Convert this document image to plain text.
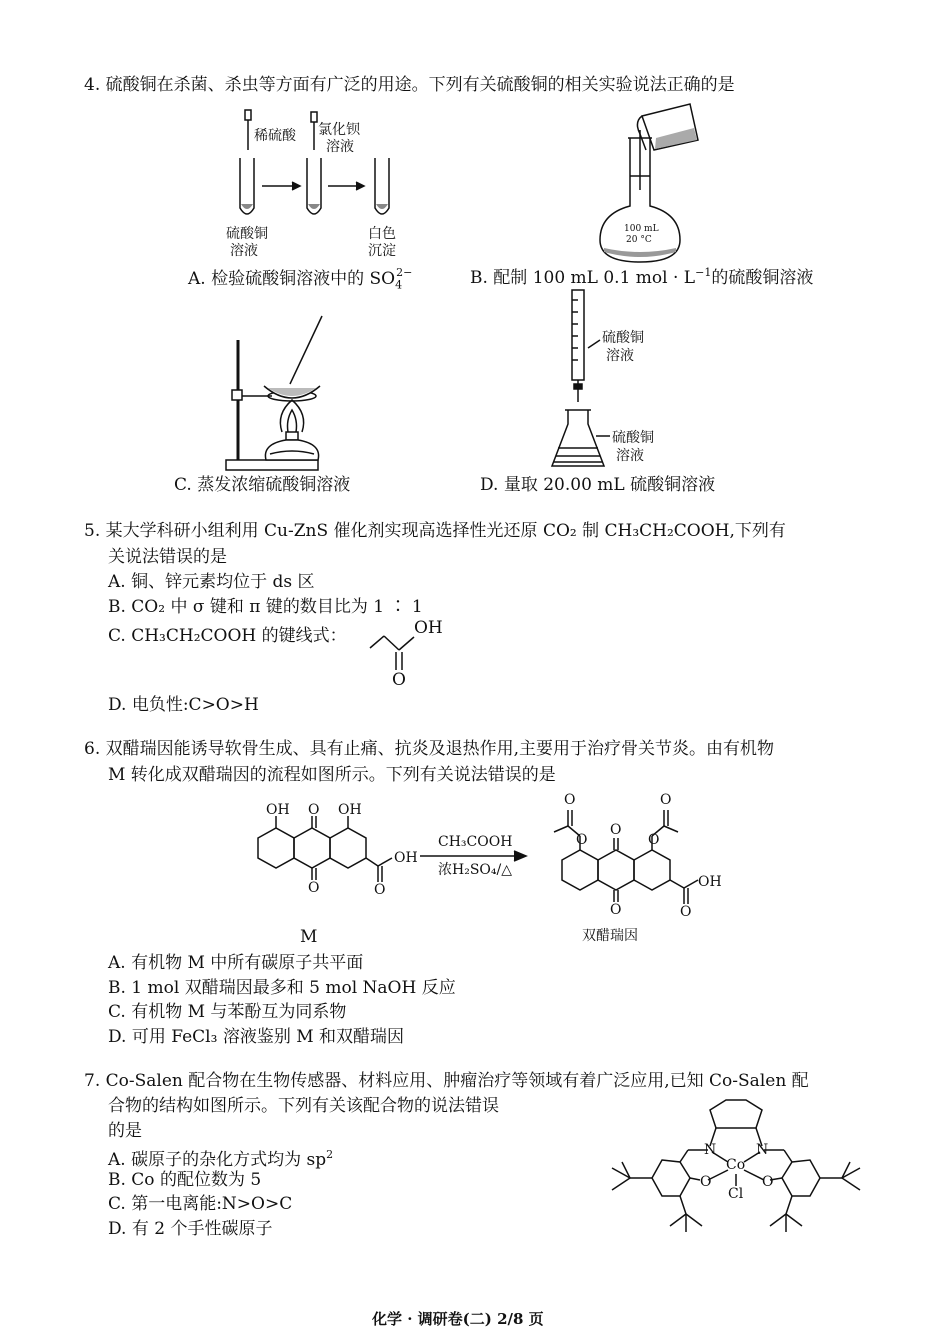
4. 硫酸铜在杀菌、杀虫等方面有广泛的用途。下列有关硫酸铜的相关实验说法正确的是
稀硫酸 氯化钡
溶液
硫酸铜
溶液
白色
沉淀
A. 检验硫酸铜溶液中的 $SO_4^{2-}$
100 mL
20 °C
B. 配制 100 mL 0.1 mol · $L^{-1}$的硫酸铜溶液
C. 蒸发浓缩硫酸铜溶液
硫酸铜
溶液
硫酸铜
溶液
D. 量取 20.00 mL 硫酸铜溶液
5. 某大学科研小组利用 Cu-ZnS 催化剂实现高选择性光还原 CO₂ 制 CH₃CH₂COOH,下列有
关说法错误的是
A. 铜、锌元素均位于 ds 区
B. CO₂ 中 σ 键和 π 键的数目比为 1 ∶ 1
C. CH₃CH₂COOH 的键线式：	OH
O
D. 电负性:C>O>H
6. 双醋瑞因能诱导软骨生成、具有止痛、抗炎及退热作用,主要用于治疗骨关节炎。由有机物
M 转化成双醋瑞因的流程如图所示。下列有关说法错误的是
OH O OH
O
OH
O
CH₃COOH
浓H₂SO₄/△
M
O
O
O
O
O
O
OH
O
双醋瑞因
A. 有机物 M 中所有碳原子共平面
B. 1 mol 双醋瑞因最多和 5 mol NaOH 反应
C. 有机物 M 与苯酚互为同系物
D. 可用 FeCl₃ 溶液鉴别 M 和双醋瑞因
7. Co-Salen 配合物在生物传感器、材料应用、肿瘤治疗等领域有着广泛应用,已知 Co-Salen 配
合物的结构如图所示。下列有关该配合物的说法错误
的是
A. 碳原子的杂化方式均为 $sp^2$
B. Co 的配位数为 5
C. 第一电离能:N>O>C
D. 有 2 个手性碳原子
N	N
Co
O	O
Cl
化学 · 调研卷(二) 2/8 页
